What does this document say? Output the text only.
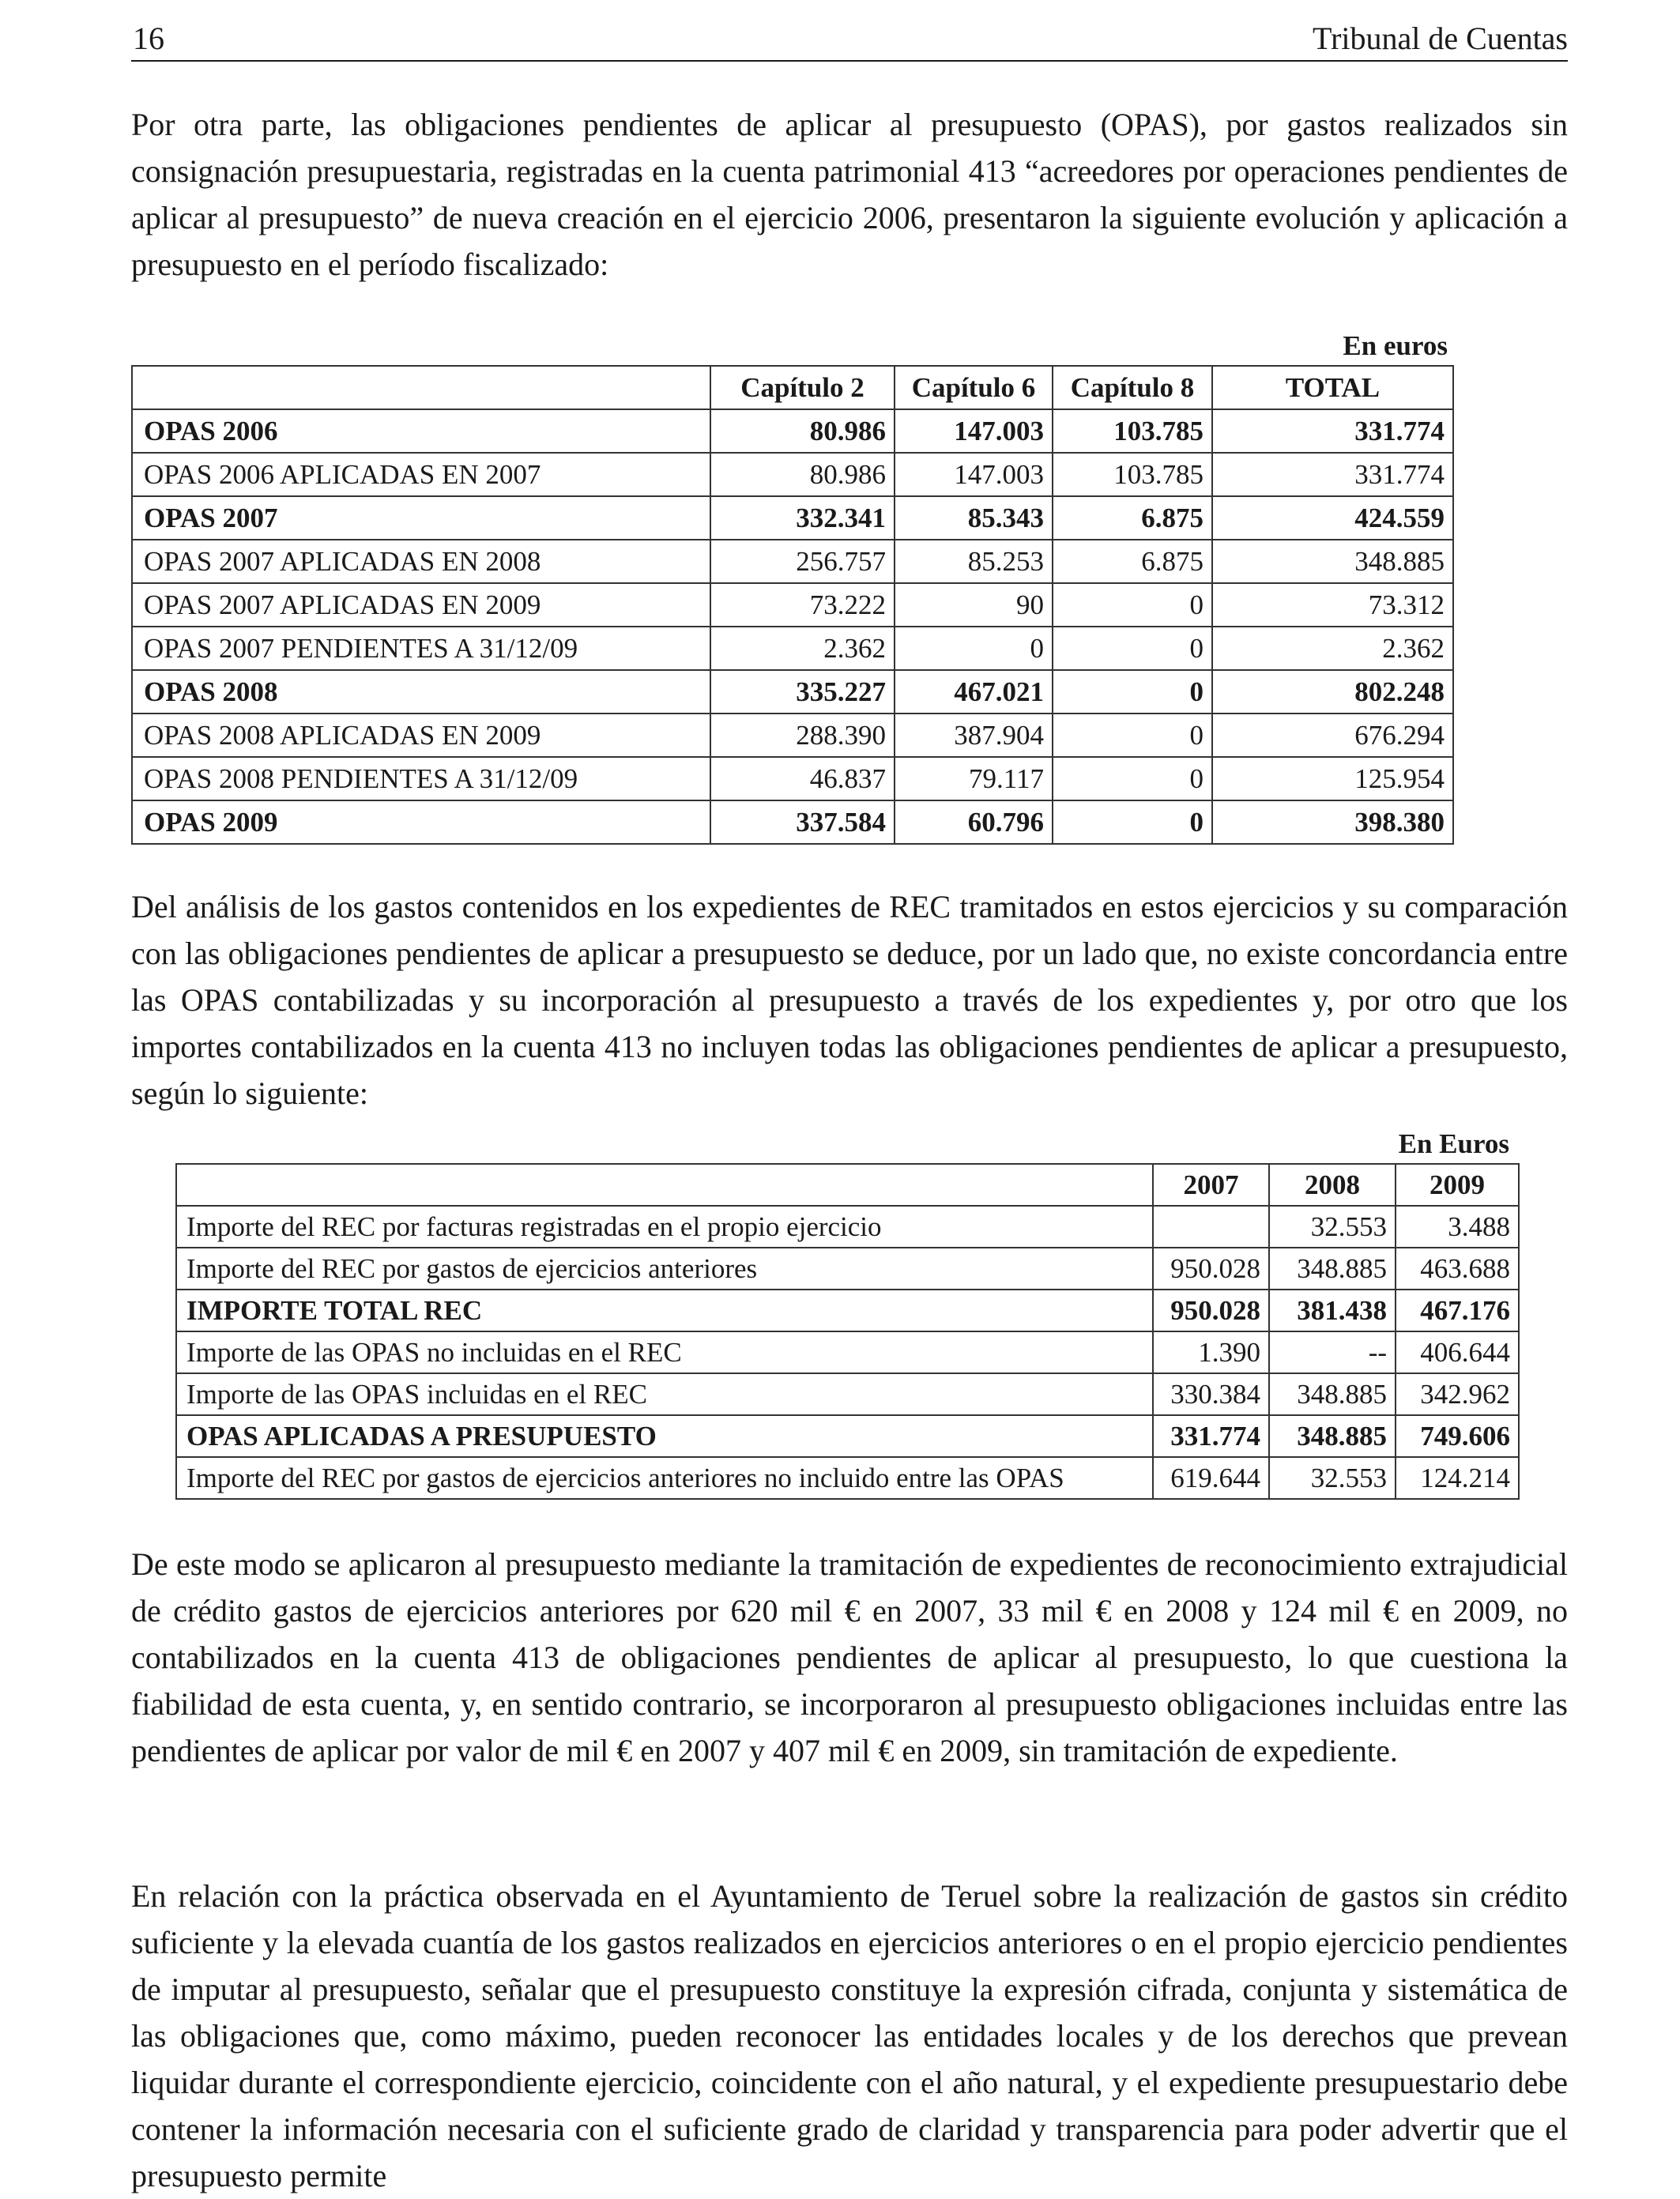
16	Tribunal de Cuentas

Por otra parte, las obligaciones pendientes de aplicar al presupuesto (OPAS), por gastos realizados sin consignación presupuestaria, registradas en la cuenta patrimonial 413 “acreedores por operaciones pendientes de aplicar al presupuesto” de nueva creación en el ejercicio 2006, presentaron la siguiente evolución y aplicación a presupuesto en el período fiscalizado:

En euros
	Capítulo 2	Capítulo 6	Capítulo 8	TOTAL
OPAS 2006	80.986	147.003	103.785	331.774
OPAS 2006 APLICADAS EN 2007	80.986	147.003	103.785	331.774
OPAS 2007	332.341	85.343	6.875	424.559
OPAS 2007 APLICADAS EN 2008	256.757	85.253	6.875	348.885
OPAS 2007 APLICADAS EN 2009	73.222	90	0	73.312
OPAS 2007 PENDIENTES A 31/12/09	2.362	0	0	2.362
OPAS 2008	335.227	467.021	0	802.248
OPAS 2008 APLICADAS EN 2009	288.390	387.904	0	676.294
OPAS 2008 PENDIENTES A 31/12/09	46.837	79.117	0	125.954
OPAS 2009	337.584	60.796	0	398.380

Del análisis de los gastos contenidos en los expedientes de REC tramitados en estos ejercicios y su comparación con las obligaciones pendientes de aplicar a presupuesto se deduce, por un lado que, no existe concordancia entre las OPAS contabilizadas y su incorporación al presupuesto a través de los expedientes y, por otro que los importes contabilizados en la cuenta 413 no incluyen todas las obligaciones pendientes de aplicar a presupuesto, según lo siguiente:

En Euros
	2007	2008	2009
Importe del REC por facturas registradas en el propio ejercicio		32.553	3.488
Importe del REC por gastos de ejercicios anteriores	950.028	348.885	463.688
IMPORTE TOTAL REC	950.028	381.438	467.176
Importe de las OPAS no incluidas en el REC	1.390	--	406.644
Importe de las OPAS incluidas en el REC	330.384	348.885	342.962
OPAS APLICADAS A PRESUPUESTO	331.774	348.885	749.606
Importe del REC por gastos de ejercicios anteriores no incluido entre las OPAS	619.644	32.553	124.214

De este modo se aplicaron al presupuesto mediante la tramitación de expedientes de reconocimiento extrajudicial de crédito gastos de ejercicios anteriores por 620 mil € en 2007, 33 mil € en 2008 y 124 mil € en 2009, no contabilizados en la cuenta 413 de obligaciones pendientes de aplicar al presupuesto, lo que cuestiona la fiabilidad de esta cuenta, y, en sentido contrario, se incorporaron al presupuesto obligaciones incluidas entre las pendientes de aplicar por valor de mil € en 2007 y 407 mil € en 2009, sin tramitación de expediente.

En relación con la práctica observada en el Ayuntamiento de Teruel sobre la realización de gastos sin crédito suficiente y la elevada cuantía de los gastos realizados en ejercicios anteriores o en el propio ejercicio pendientes de imputar al presupuesto, señalar que el presupuesto constituye la expresión cifrada, conjunta y sistemática de las obligaciones que, como máximo, pueden reconocer las entidades locales y de los derechos que prevean liquidar durante el correspondiente ejercicio, coincidente con el año natural, y el expediente presupuestario debe contener la información necesaria con el suficiente grado de claridad y transparencia para poder advertir que el presupuesto permite
